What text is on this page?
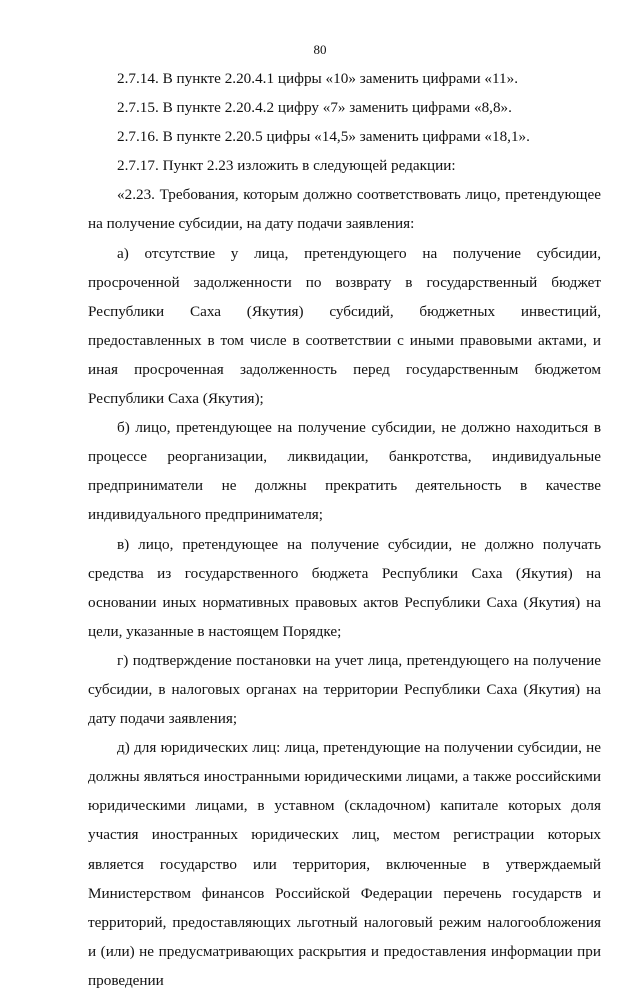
80

2.7.14. В пункте 2.20.4.1 цифры «10» заменить цифрами «11».

2.7.15. В пункте 2.20.4.2 цифру «7» заменить цифрами «8,8».

2.7.16. В пункте 2.20.5 цифры «14,5» заменить цифрами «18,1».

2.7.17. Пункт 2.23 изложить в следующей редакции:

«2.23. Требования, которым должно соответствовать лицо, претендующее на получение субсидии, на дату подачи заявления:

а) отсутствие у лица, претендующего на получение субсидии, просроченной задолженности по возврату в государственный бюджет Республики Саха (Якутия) субсидий, бюджетных инвестиций, предоставленных в том числе в соответствии с иными правовыми актами, и иная просроченная задолженность перед государственным бюджетом Республики Саха (Якутия);

б) лицо, претендующее на получение субсидии, не должно находиться в процессе реорганизации, ликвидации, банкротства, индивидуальные предприниматели не должны прекратить деятельность в качестве индивидуального предпринимателя;

в) лицо, претендующее на получение субсидии, не должно получать средства из государственного бюджета Республики Саха (Якутия) на основании иных нормативных правовых актов Республики Саха (Якутия) на цели, указанные в настоящем Порядке;

г) подтверждение постановки на учет лица, претендующего на получение субсидии, в налоговых органах на территории Республики Саха (Якутия) на дату подачи заявления;

д) для юридических лиц: лица, претендующие на получении субсидии, не должны являться иностранными юридическими лицами, а также российскими юридическими лицами, в уставном (складочном) капитале которых доля участия иностранных юридических лиц, местом регистрации которых является государство или территория, включенные в утверждаемый Министерством финансов Российской Федерации перечень государств и территорий, предоставляющих льготный налоговый режим налогообложения и (или) не предусматривающих раскрытия и предоставления информации при проведении
